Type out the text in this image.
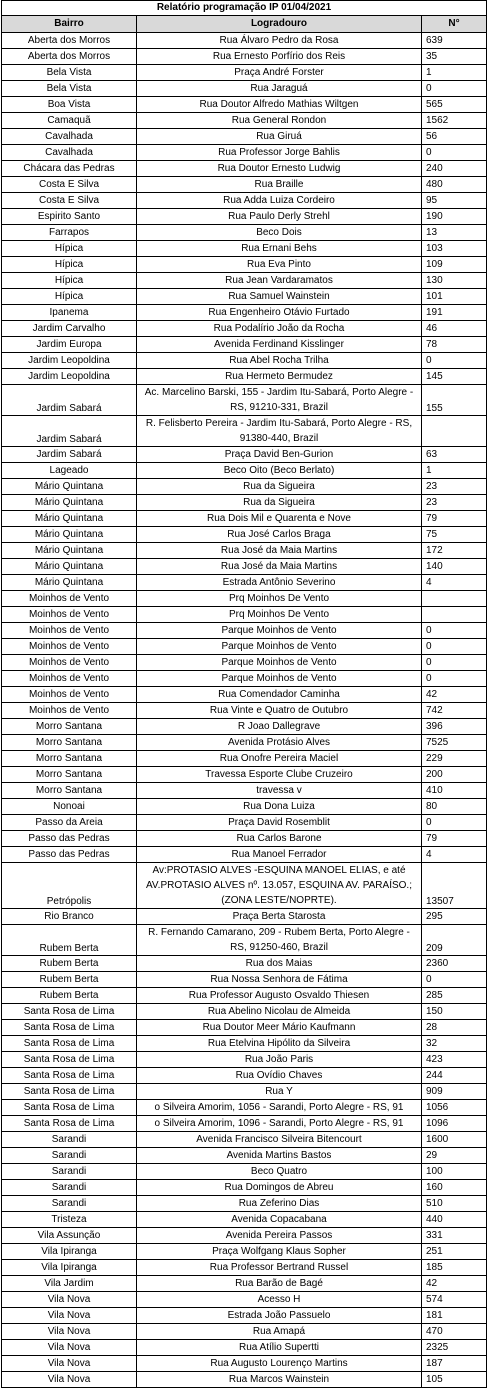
Relatório programação IP 01/04/2021		
Bairro	Logradouro	N°
Aberta dos Morros	Rua Álvaro Pedro da Rosa	639
Aberta dos Morros	Rua Ernesto Porfírio dos Reis	35
Bela Vista	Praça André Forster	1
Bela Vista	Rua Jaraguá	0
Boa Vista	Rua Doutor Alfredo Mathias Wiltgen	565
Camaquã	Rua General Rondon	1562
Cavalhada	Rua Giruá	56
Cavalhada	Rua Professor Jorge Bahlis	0
Chácara das Pedras	Rua Doutor Ernesto Ludwig	240
Costa E Silva	Rua Braille	480
Costa E Silva	Rua Adda Luiza Cordeiro	95
Espirito Santo	Rua Paulo Derly Strehl	190
Farrapos	Beco Dois	13
Hípica	Rua Ernani Behs	103
Hípica	Rua Eva Pinto	109
Hípica	Rua Jean Vardaramatos	130
Hípica	Rua Samuel Wainstein	101
Ipanema	Rua Engenheiro Otávio Furtado	191
Jardim Carvalho	Rua Podalírio João da Rocha	46
Jardim Europa	Avenida Ferdinand Kisslinger	78
Jardim Leopoldina	Rua Abel Rocha Trilha	0
Jardim Leopoldina	Rua Hermeto Bermudez	145
Jardim Sabará	Ac. Marcelino Barski, 155 - Jardim Itu-Sabará, Porto Alegre - RS, 91210-331, Brazil	155
Jardim Sabará	R. Felisberto Pereira - Jardim Itu-Sabará, Porto Alegre - RS, 91380-440, Brazil	
Jardim Sabará	Praça David Ben-Gurion	63
Lageado	Beco Oito (Beco Berlato)	1
Mário Quintana	Rua da Sigueira	23
Mário Quintana	Rua da Sigueira	23
Mário Quintana	Rua Dois Mil e Quarenta e Nove	79
Mário Quintana	Rua José Carlos Braga	75
Mário Quintana	Rua José da Maia Martins	172
Mário Quintana	Rua José da Maia Martins	140
Mário Quintana	Estrada Antônio Severino	4
Moinhos de Vento	Prq Moinhos De Vento	
Moinhos de Vento	Prq Moinhos De Vento	
Moinhos de Vento	Parque Moinhos de Vento	0
Moinhos de Vento	Parque Moinhos de Vento	0
Moinhos de Vento	Parque Moinhos de Vento	0
Moinhos de Vento	Parque Moinhos de Vento	0
Moinhos de Vento	Rua Comendador Caminha	42
Moinhos de Vento	Rua Vinte e Quatro de Outubro	742
Morro Santana	R Joao Dallegrave	396
Morro Santana	Avenida Protásio Alves	7525
Morro Santana	Rua Onofre Pereira Maciel	229
Morro Santana	Travessa Esporte Clube Cruzeiro	200
Morro Santana	travessa v	410
Nonoai	Rua Dona Luiza	80
Passo da Areia	Praça David Rosemblit	0
Passo das Pedras	Rua Carlos Barone	79
Passo das Pedras	Rua Manoel Ferrador	4
Petrópolis	Av:PROTASIO ALVES -ESQUINA MANOEL ELIAS, e até AV.PROTASIO ALVES nº. 13.057, ESQUINA AV. PARAÍSO.; (ZONA LESTE/NOPRTE).	13507
Rio Branco	Praça Berta Starosta	295
Rubem Berta	R. Fernando Camarano, 209 - Rubem Berta, Porto Alegre - RS, 91250-460, Brazil	209
Rubem Berta	Rua dos Maias	2360
Rubem Berta	Rua Nossa Senhora de Fátima	0
Rubem Berta	Rua Professor Augusto Osvaldo Thiesen	285
Santa Rosa de Lima	Rua Abelino Nicolau de Almeida	150
Santa Rosa de Lima	Rua Doutor Meer Mário Kaufmann	28
Santa Rosa de Lima	Rua Etelvina Hipólito da Silveira	32
Santa Rosa de Lima	Rua João Paris	423
Santa Rosa de Lima	Rua Ovídio Chaves	244
Santa Rosa de Lima	Rua Y	909
Santa Rosa de Lima	o Silveira Amorim, 1056 - Sarandi, Porto Alegre - RS, 91	1056
Santa Rosa de Lima	o Silveira Amorim, 1096 - Sarandi, Porto Alegre - RS, 91	1096
Sarandi	Avenida Francisco Silveira Bitencourt	1600
Sarandi	Avenida Martins Bastos	29
Sarandi	Beco Quatro	100
Sarandi	Rua Domingos de Abreu	160
Sarandi	Rua Zeferino Dias	510
Tristeza	Avenida Copacabana	440
Vila Assunção	Avenida Pereira Passos	331
Vila Ipiranga	Praça Wolfgang Klaus Sopher	251
Vila Ipiranga	Rua Professor Bertrand Russel	185
Vila Jardim	Rua Barão de Bagé	42
Vila Nova	Acesso H	574
Vila Nova	Estrada João Passuelo	181
Vila Nova	Rua Amapá	470
Vila Nova	Rua Atílio Supertti	2325
Vila Nova	Rua Augusto Lourenço Martins	187
Vila Nova	Rua Marcos Wainstein	105
